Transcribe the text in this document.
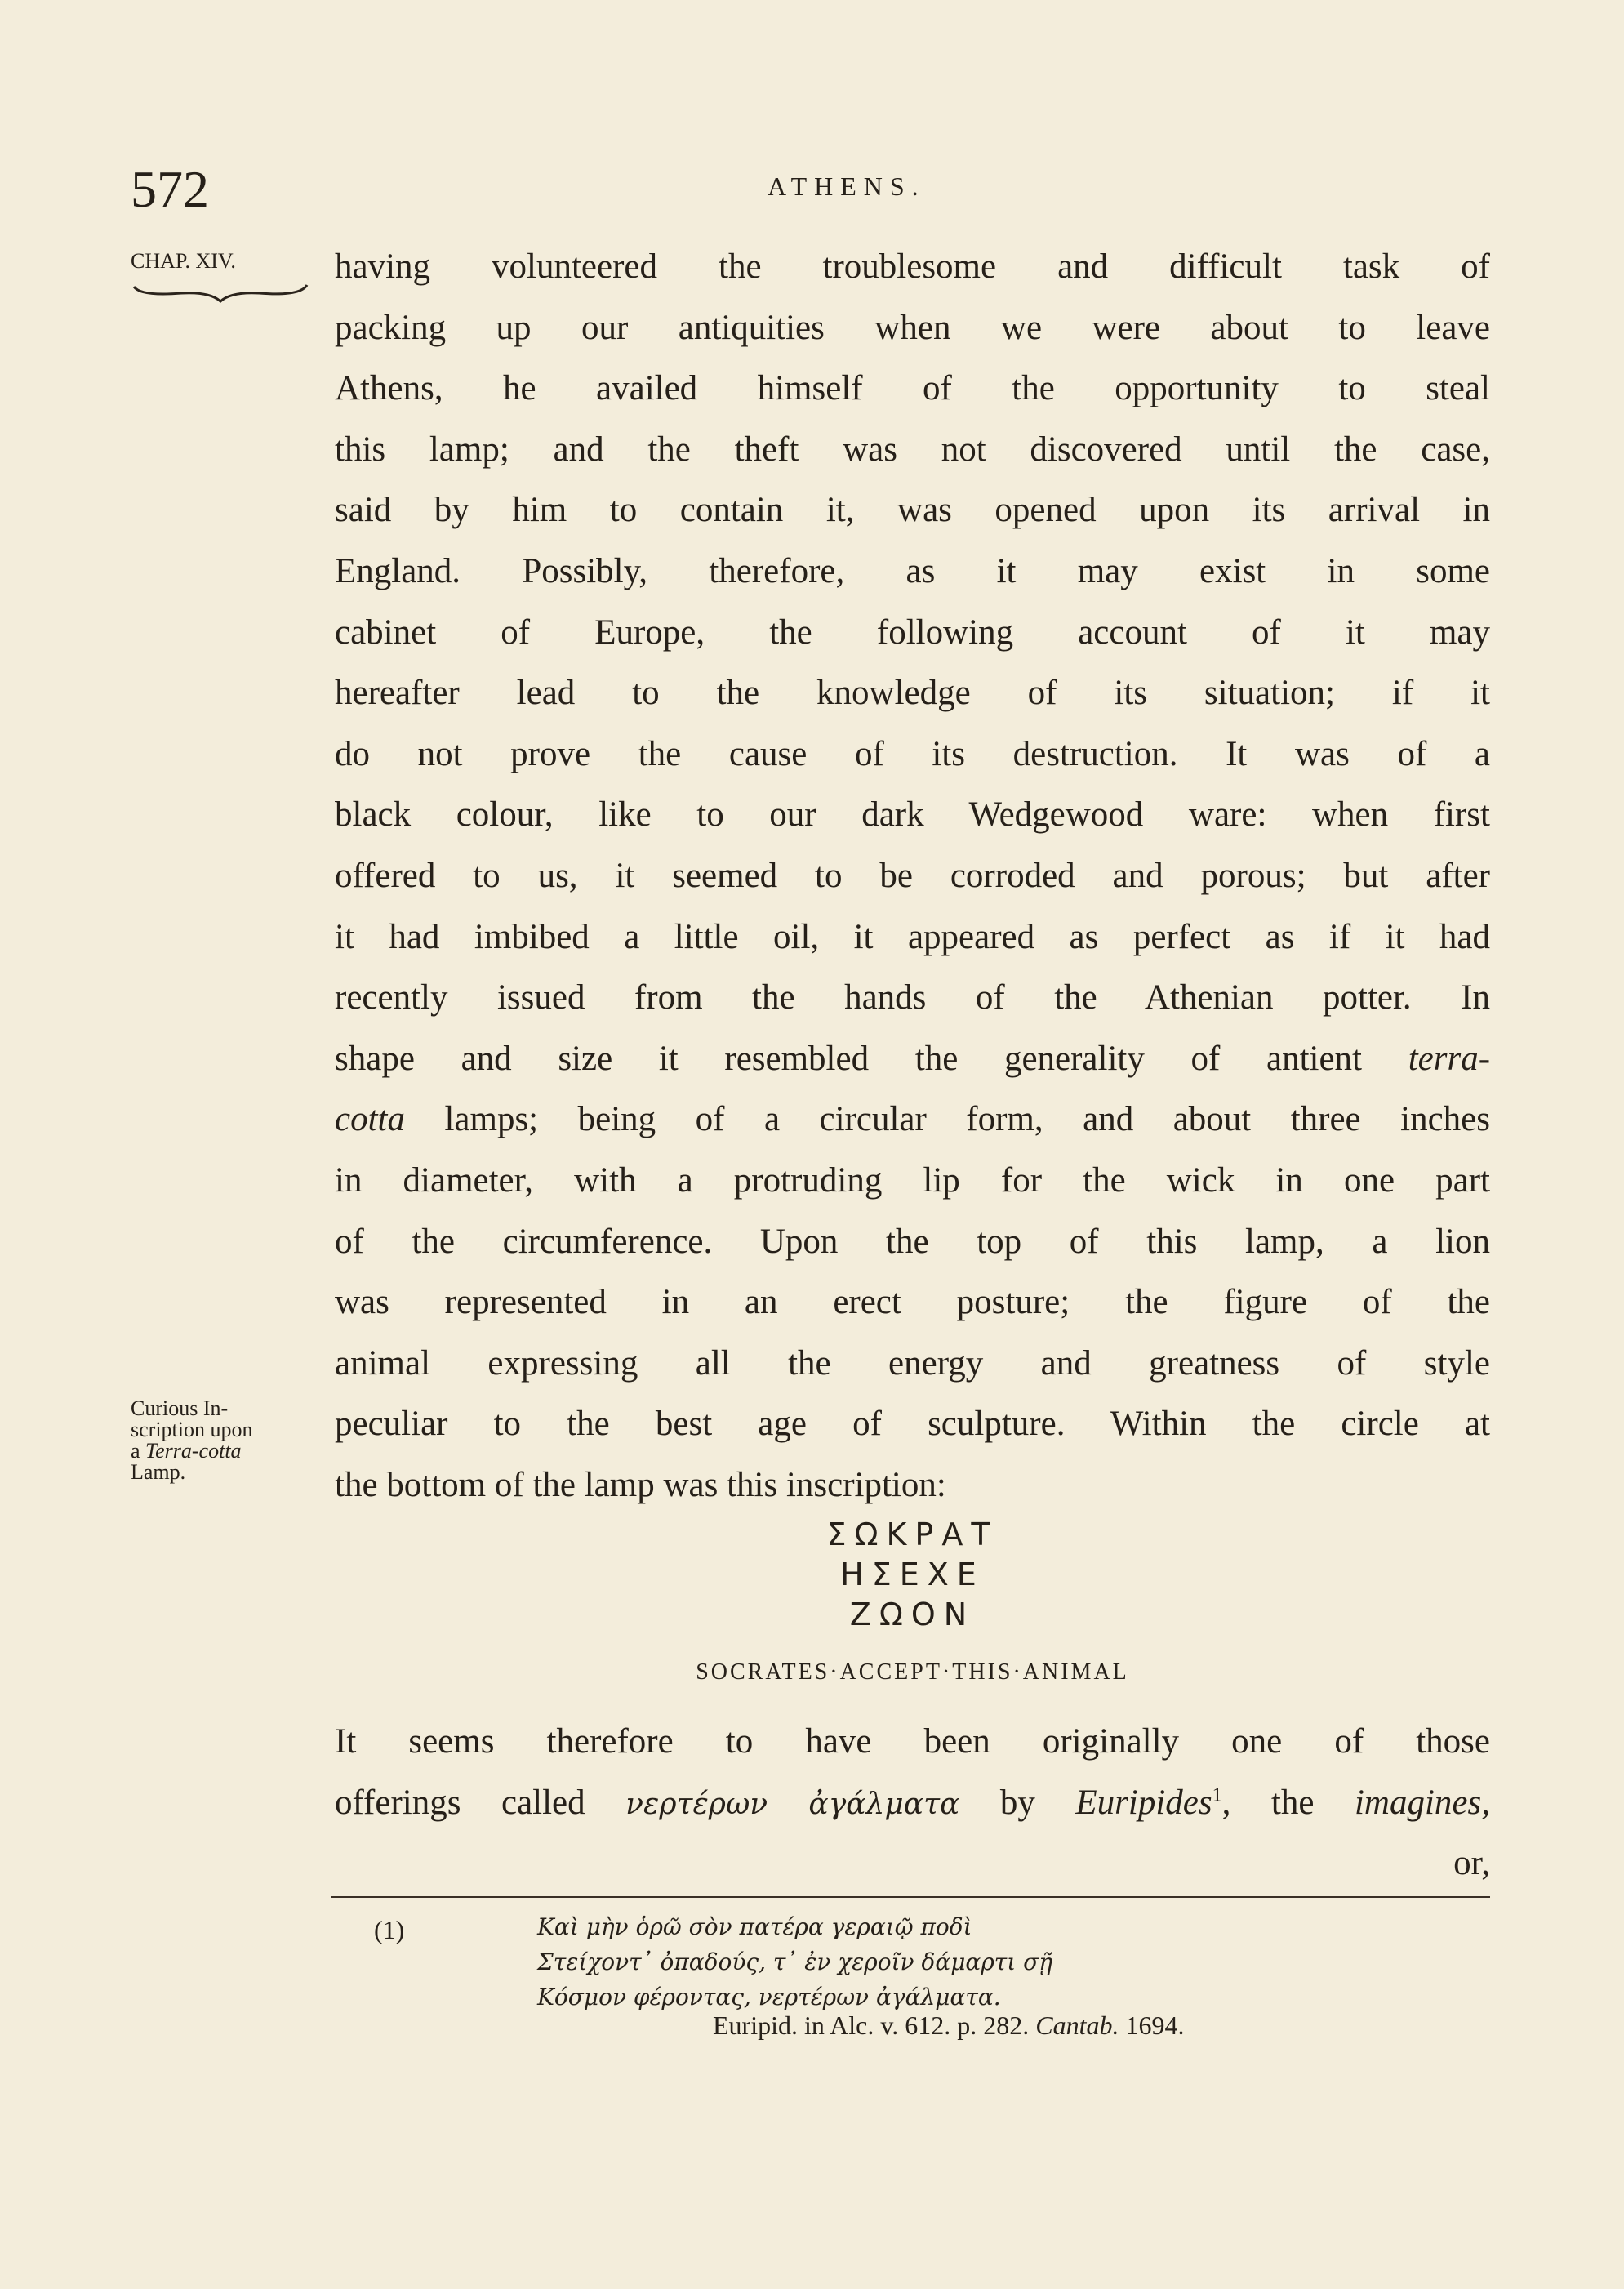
572	ATHENS.
CHAP. XIV.
Curious In-
scription upon
a Terra-cotta
Lamp.
having volunteered the troublesome and difficult task of
packing up our antiquities when we were about to leave
Athens, he availed himself of the opportunity to steal
this lamp; and the theft was not discovered until the case,
said by him to contain it, was opened upon its arrival in
England. Possibly, therefore, as it may exist in some
cabinet of Europe, the following account of it may
hereafter lead to the knowledge of its situation; if it
do not prove the cause of its destruction. It was of a
black colour, like to our dark Wedgewood ware: when first
offered to us, it seemed to be corroded and porous; but after
it had imbibed a little oil, it appeared as perfect as if it had
recently issued from the hands of the Athenian potter. In
shape and size it resembled the generality of antient terra-
cotta lamps; being of a circular form, and about three inches
in diameter, with a protruding lip for the wick in one part
of the circumference. Upon the top of this lamp, a lion
was represented in an erect posture; the figure of the
animal expressing all the energy and greatness of style
peculiar to the best age of sculpture. Within the circle at
the bottom of the lamp was this inscription:
ΣΩΚΡΑΤ
ΗΣΕΧΕ
ΖΩΟΝ
SOCRATES·ACCEPT·THIS·ANIMAL
It seems therefore to have been originally one of those
offerings called νερτέρων ἀγάλματα by Euripides$^1$, the imagines,
or,
(1)	Καὶ μὴν ὁρῶ σὸν πατέρα γεραιῷ ποδὶ
Στείχοντ᾽ ὀπαδούς, τ᾽ ἐν χεροῖν δάμαρτι σῇ
Κόσμον φέροντας, νερτέρων ἀγάλματα.
Euripid. in Alc. v. 612. p. 282. Cantab. 1694.
